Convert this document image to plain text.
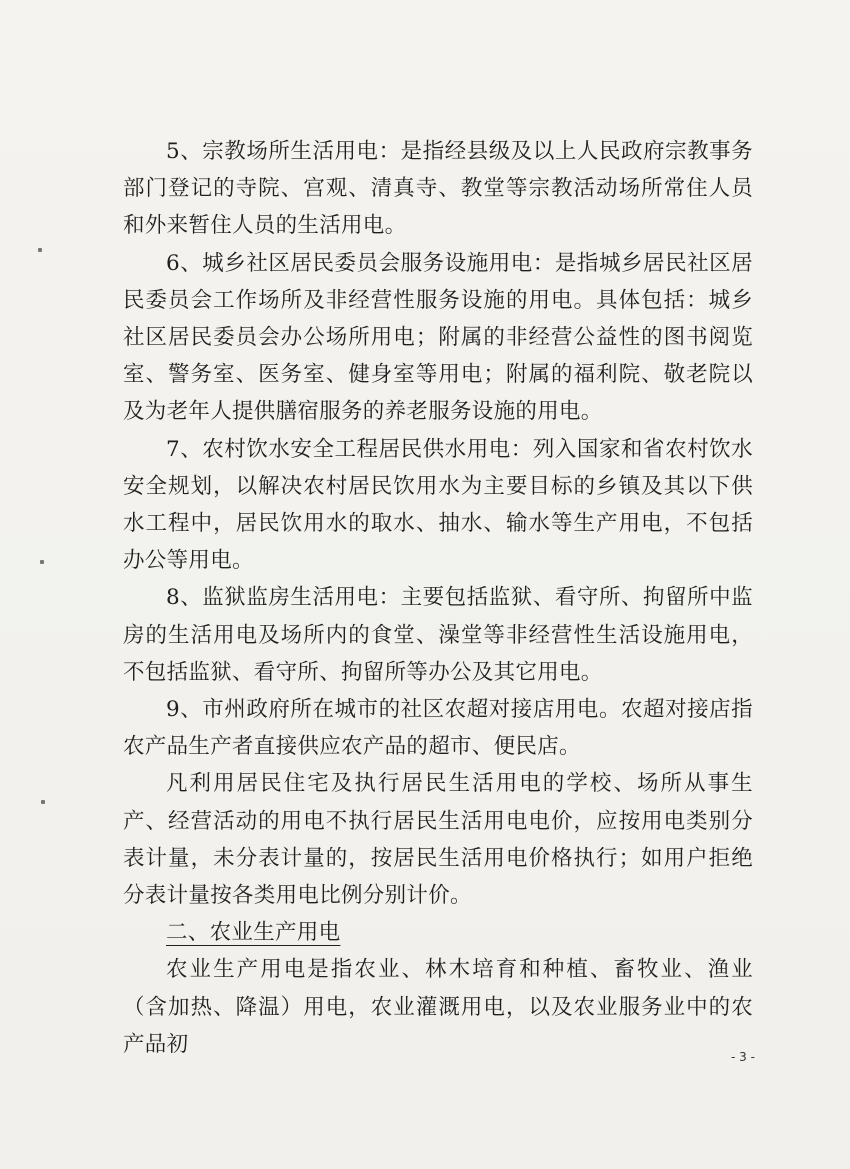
5、宗教场所生活用电：是指经县级及以上人民政府宗教事务部门登记的寺院、宫观、清真寺、教堂等宗教活动场所常住人员和外来暂住人员的生活用电。

6、城乡社区居民委员会服务设施用电：是指城乡居民社区居民委员会工作场所及非经营性服务设施的用电。具体包括：城乡社区居民委员会办公场所用电；附属的非经营公益性的图书阅览室、警务室、医务室、健身室等用电；附属的福利院、敬老院以及为老年人提供膳宿服务的养老服务设施的用电。

7、农村饮水安全工程居民供水用电：列入国家和省农村饮水安全规划，以解决农村居民饮用水为主要目标的乡镇及其以下供水工程中，居民饮用水的取水、抽水、输水等生产用电，不包括办公等用电。

8、监狱监房生活用电：主要包括监狱、看守所、拘留所中监房的生活用电及场所内的食堂、澡堂等非经营性生活设施用电，不包括监狱、看守所、拘留所等办公及其它用电。

9、市州政府所在城市的社区农超对接店用电。农超对接店指农产品生产者直接供应农产品的超市、便民店。

凡利用居民住宅及执行居民生活用电的学校、场所从事生产、经营活动的用电不执行居民生活用电电价，应按用电类别分表计量，未分表计量的，按居民生活用电价格执行；如用户拒绝分表计量按各类用电比例分别计价。

二、农业生产用电

农业生产用电是指农业、林木培育和种植、畜牧业、渔业（含加热、降温）用电，农业灌溉用电，以及农业服务业中的农产品初

- 3 -
